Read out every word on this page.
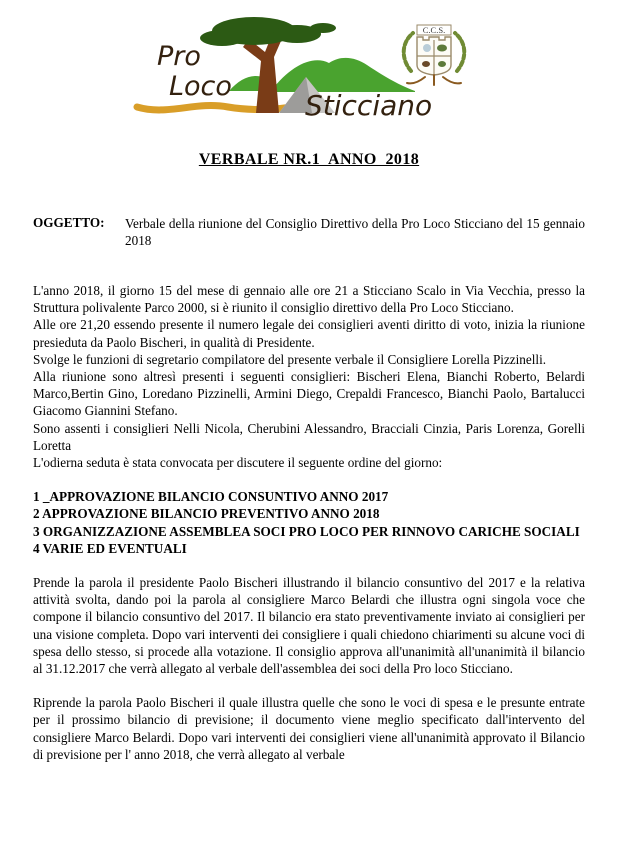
Pro
Loco
Sticciano
C.C.S.
VERBALE NR.1  ANNO  2018
OGGETTO:	Verbale della riunione del Consiglio Direttivo della Pro Loco Sticciano del 15 gennaio 2018

L'anno 2018, il giorno 15 del mese di gennaio alle ore 21 a Sticciano Scalo in Via Vecchia, presso la Struttura polivalente Parco 2000, si è riunito il consiglio direttivo della Pro Loco Sticciano.

Alle ore 21,20 essendo presente il numero legale dei consiglieri aventi diritto di voto, inizia la riunione presieduta da Paolo Bischeri, in qualità di Presidente.

Svolge le funzioni di segretario compilatore del presente verbale il Consigliere Lorella Pizzinelli.

Alla riunione sono altresì presenti i seguenti consiglieri: Bischeri Elena, Bianchi Roberto, Belardi Marco,Bertin Gino, Loredano Pizzinelli, Armini Diego, Crepaldi Francesco, Bianchi Paolo, Bartalucci Giacomo Giannini Stefano.

Sono assenti i consiglieri Nelli Nicola, Cherubini Alessandro, Bracciali Cinzia, Paris Lorenza, Gorelli Loretta

L'odierna seduta è stata convocata per discutere il seguente ordine del giorno:

1 _APPROVAZIONE BILANCIO CONSUNTIVO ANNO 2017

2 APPROVAZIONE BILANCIO PREVENTIVO ANNO 2018

3 ORGANIZZAZIONE ASSEMBLEA SOCI PRO LOCO PER RINNOVO CARICHE SOCIALI

4 VARIE ED EVENTUALI

Prende la parola il presidente Paolo Bischeri illustrando il bilancio consuntivo del 2017 e la relativa attività svolta, dando poi la parola al consigliere Marco Belardi che illustra ogni singola voce che compone il bilancio consuntivo del 2017. Il bilancio era stato preventivamente inviato ai consiglieri per una visione completa. Dopo vari interventi dei consigliere i quali chiedono chiarimenti su alcune voci di spesa dello stesso, si procede alla votazione. Il consiglio approva all'unanimità all'unanimità il bilancio al 31.12.2017 che verrà allegato al verbale dell'assemblea dei soci della Pro loco Sticciano.

Riprende la parola Paolo Bischeri il quale illustra quelle che sono le voci di spesa e le presunte entrate per il prossimo bilancio di previsione; il documento viene meglio specificato dall'intervento del consigliere Marco Belardi. Dopo vari interventi dei consiglieri viene all'unanimità approvato il Bilancio di previsione per l' anno 2018, che verrà allegato al verbale
